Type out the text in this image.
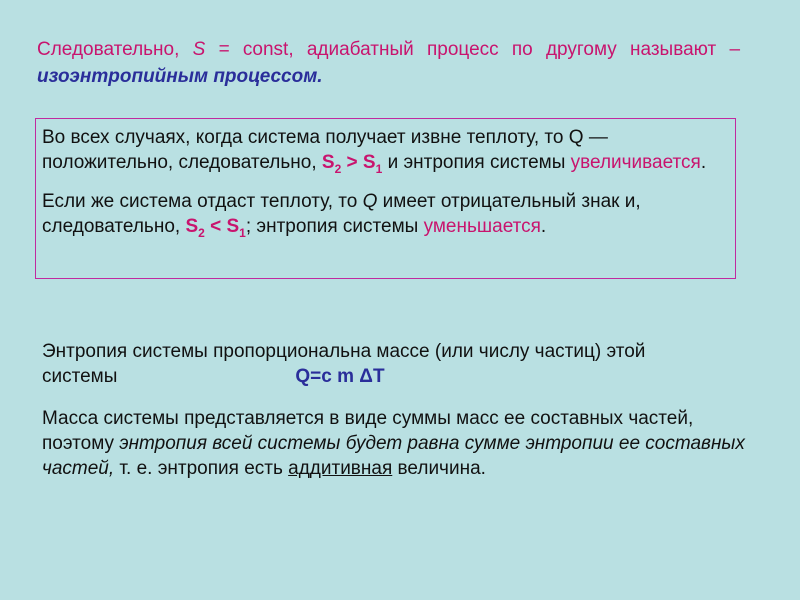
Следовательно, S = const, адиабатный процесс по другому называют – изоэнтропийным процессом.

Во всех случаях, когда система получает извне теплоту, то Q — положительно, следовательно, $S_2 > S_1$ и энтропия системы увеличивается.

Если же система отдаст теплоту, то Q имеет отрицательный знак и, следовательно, $S_2 < S_1$; энтропия системы уменьшается.

Энтропия системы пропорциональна массе (или числу частиц) этой системы	Q=c m ΔT

Масса системы представляется в виде суммы масс ее составных частей, поэтому энтропия всей системы будет равна сумме энтропии ее составных частей, т. е. энтропия есть аддитивная величина.
